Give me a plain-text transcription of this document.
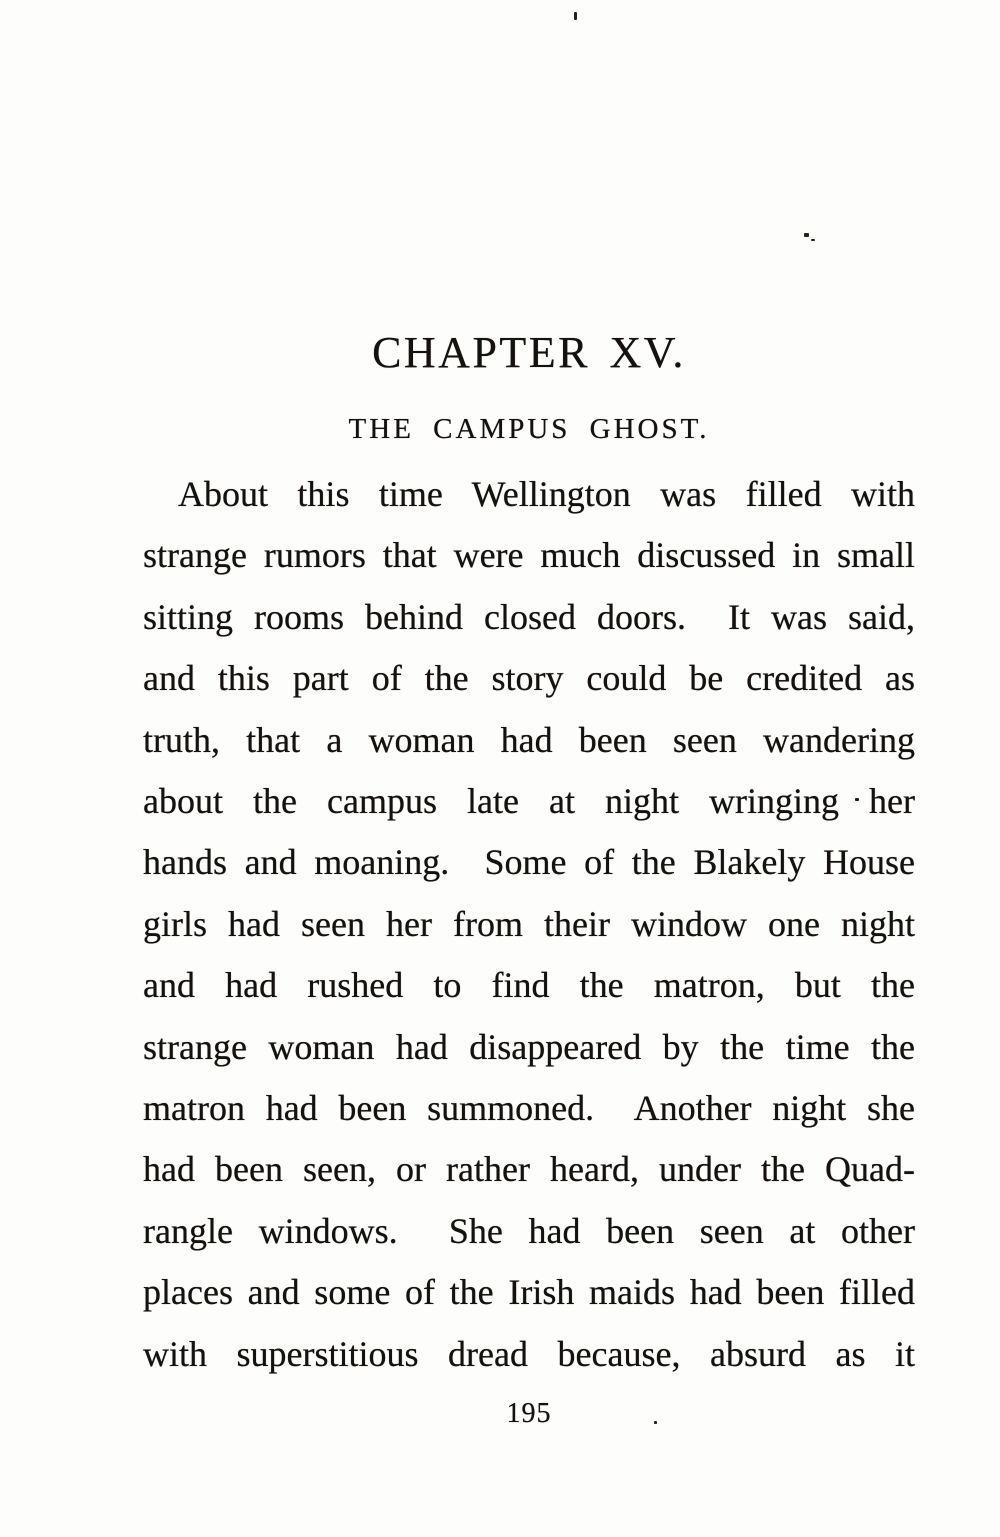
CHAPTER XV.
THE CAMPUS GHOST.
About this time Wellington was filled with
strange rumors that were much discussed in small
sitting rooms behind closed doors.  It was said,
and this part of the story could be credited as
truth, that a woman had been seen wandering
about the campus late at night wringing her
hands and moaning.  Some of the Blakely House
girls had seen her from their window one night
and had rushed to find the matron, but the
strange woman had disappeared by the time the
matron had been summoned.  Another night she
had been seen, or rather heard, under the Quad-
rangle windows.  She had been seen at other
places and some of the Irish maids had been filled
with superstitious dread because, absurd as it
195
